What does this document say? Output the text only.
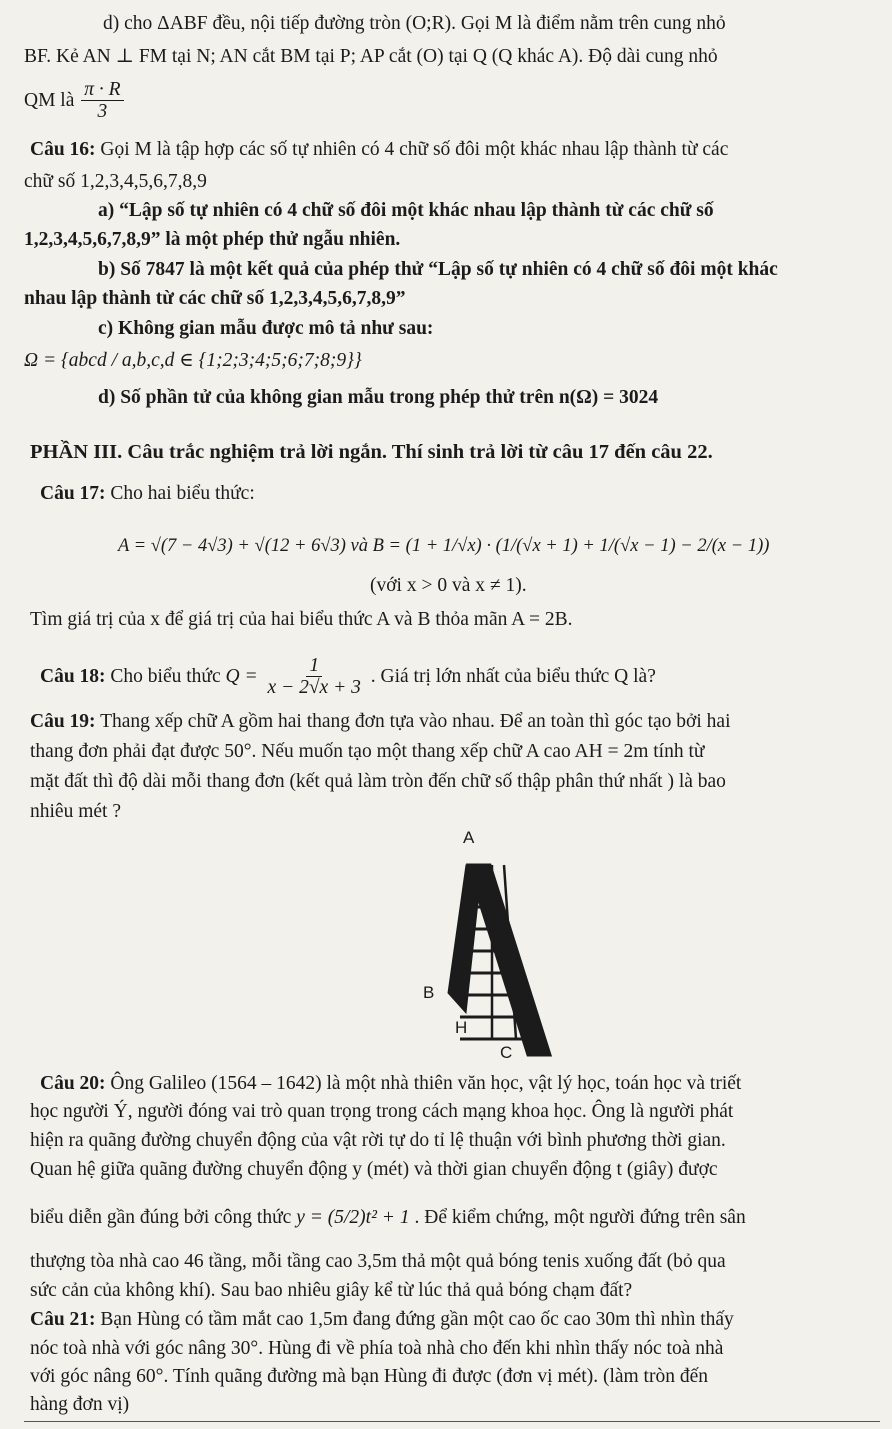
d) cho ΔABF đều, nội tiếp đường tròn (O;R). Gọi M là điểm nằm trên cung nhỏ
BF. Kẻ AN ⊥ FM tại N; AN cắt BM tại P; AP cắt (O) tại Q (Q khác A). Độ dài cung nhỏ
QM là $\frac{\pi \cdot R}{3}$
Câu 16: Gọi M là tập hợp các số tự nhiên có 4 chữ số đôi một khác nhau lập thành từ các
chữ số 1,2,3,4,5,6,7,8,9
a) “Lập số tự nhiên có 4 chữ số đôi một khác nhau lập thành từ các chữ số
1,2,3,4,5,6,7,8,9” là một phép thử ngẫu nhiên.
b) Số 7847 là một kết quả của phép thử “Lập số tự nhiên có 4 chữ số đôi một khác
nhau lập thành từ các chữ số 1,2,3,4,5,6,7,8,9”
c) Không gian mẫu được mô tả như sau:
Ω = {abcd / a,b,c,d ∈ {1;2;3;4;5;6;7;8;9}}
d) Số phần tử của không gian mẫu trong phép thử trên n(Ω) = 3024
PHẦN III. Câu trắc nghiệm trả lời ngắn. Thí sinh trả lời từ câu 17 đến câu 22.
Câu 17: Cho hai biểu thức:
A = √(7 − 4√3) + √(12 + 6√3) và B = (1 + 1/√x) · (1/(√x + 1) + 1/(√x − 1) − 2/(x − 1))
(với x > 0 và x ≠ 1).
Tìm giá trị của x để giá trị của hai biểu thức A và B thỏa mãn A = 2B.
Câu 18: Cho biểu thức $Q = \frac{1}{x - 2√x + 3}$ . Giá trị lớn nhất của biểu thức Q là?
Câu 19: Thang xếp chữ A gồm hai thang đơn tựa vào nhau. Để an toàn thì góc tạo bởi hai
thang đơn phải đạt được 50°. Nếu muốn tạo một thang xếp chữ A cao AH = 2m tính từ
mặt đất thì độ dài mỗi thang đơn (kết quả làm tròn đến chữ số thập phân thứ nhất ) là bao
nhiêu mét ?
A
B
H
C
Câu 20: Ông Galileo (1564 – 1642) là một nhà thiên văn học, vật lý học, toán học và triết
học người Ý, người đóng vai trò quan trọng trong cách mạng khoa học. Ông là người phát
hiện ra quãng đường chuyển động của vật rời tự do tỉ lệ thuận với bình phương thời gian.
Quan hệ giữa quãng đường chuyển động y (mét) và thời gian chuyển động t (giây) được
biểu diễn gần đúng bởi công thức y = (5/2)t² + 1 . Để kiểm chứng, một người đứng trên sân
thượng tòa nhà cao 46 tầng, mỗi tầng cao 3,5m thả một quả bóng tenis xuống đất (bỏ qua
sức cản của không khí). Sau bao nhiêu giây kể từ lúc thả quả bóng chạm đất?
Câu 21: Bạn Hùng có tầm mắt cao 1,5m đang đứng gần một cao ốc cao 30m thì nhìn thấy
nóc toà nhà với góc nâng 30°. Hùng đi về phía toà nhà cho đến khi nhìn thấy nóc toà nhà
với góc nâng 60°. Tính quãng đường mà bạn Hùng đi được (đơn vị mét). (làm tròn đến
hàng đơn vị)
